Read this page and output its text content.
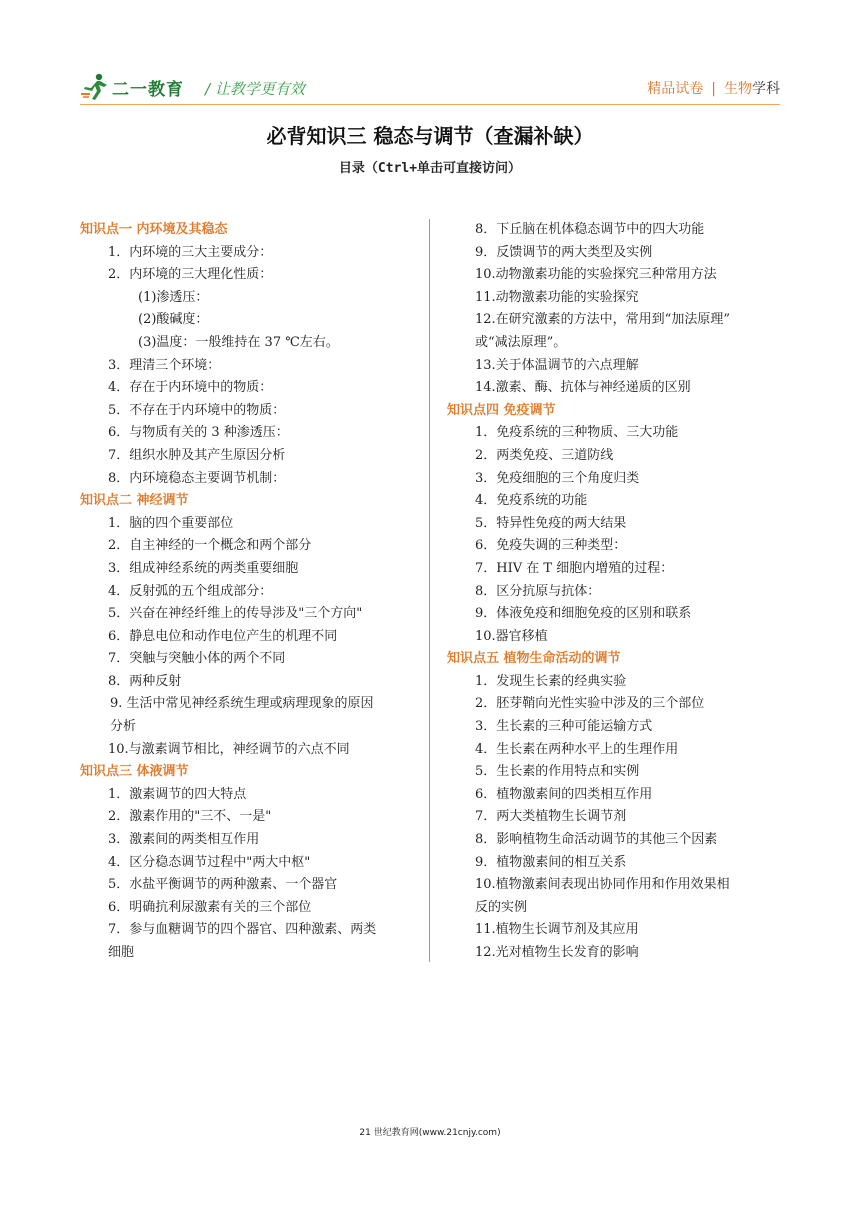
二一教育 / 让教学更有效	精品试卷 | 生物学科
必背知识三 稳态与调节（查漏补缺）
目录（Ctrl+单击可直接访问）
知识点一 内环境及其稳态
1．内环境的三大主要成分：
2．内环境的三大理化性质：
(1)渗透压：
(2)酸碱度：
(3)温度：一般维持在 37 ℃左右。
3．理清三个环境：
4．存在于内环境中的物质：
5．不存在于内环境中的物质：
6．与物质有关的 3 种渗透压：
7．组织水肿及其产生原因分析
8．内环境稳态主要调节机制：
知识点二 神经调节
1．脑的四个重要部位
2．自主神经的一个概念和两个部分
3．组成神经系统的两类重要细胞
4．反射弧的五个组成部分：
5．兴奋在神经纤维上的传导涉及"三个方向"
6．静息电位和动作电位产生的机理不同
7．突触与突触小体的两个不同
8．两种反射
9. 生活中常见神经系统生理或病理现象的原因
分析
10.与激素调节相比，神经调节的六点不同
知识点三 体液调节
1．激素调节的四大特点
2．激素作用的"三不、一是"
3．激素间的两类相互作用
4．区分稳态调节过程中"两大中枢"
5．水盐平衡调节的两种激素、一个器官
6．明确抗利尿激素有关的三个部位
7．参与血糖调节的四个器官、四种激素、两类
细胞
8．下丘脑在机体稳态调节中的四大功能
9．反馈调节的两大类型及实例
10.动物激素功能的实验探究三种常用方法
11.动物激素功能的实验探究
12.在研究激素的方法中，常用到“加法原理”
或“减法原理”。
13.关于体温调节的六点理解
14.激素、酶、抗体与神经递质的区别
知识点四 免疫调节
1．免疫系统的三种物质、三大功能
2．两类免疫、三道防线
3．免疫细胞的三个角度归类
4．免疫系统的功能
5．特异性免疫的两大结果
6．免疫失调的三种类型：
7．HIV 在 T 细胞内增殖的过程：
8．区分抗原与抗体：
9．体液免疫和细胞免疫的区别和联系
10.器官移植
知识点五 植物生命活动的调节
1．发现生长素的经典实验
2．胚芽鞘向光性实验中涉及的三个部位
3．生长素的三种可能运输方式
4．生长素在两种水平上的生理作用
5．生长素的作用特点和实例
6．植物激素间的四类相互作用
7．两大类植物生长调节剂
8．影响植物生命活动调节的其他三个因素
9．植物激素间的相互关系
10.植物激素间表现出协同作用和作用效果相
反的实例
11.植物生长调节剂及其应用
12.光对植物生长发育的影响
21 世纪教育网(www.21cnjy.com)
